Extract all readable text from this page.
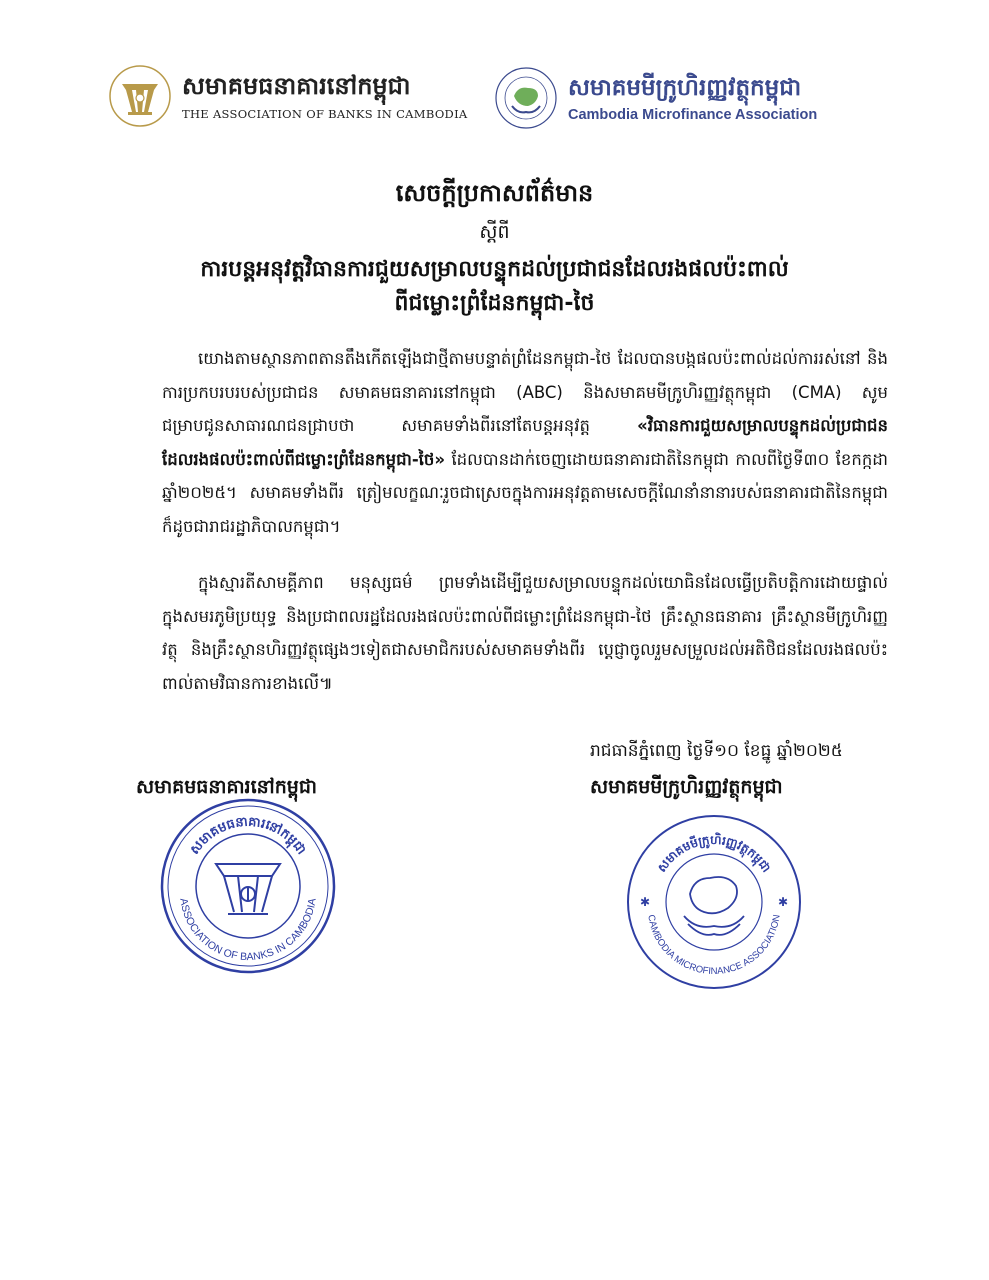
សមាគមធនាគារនៅកម្ពុជា
THE ASSOCIATION OF BANKS IN CAMBODIA
សមាគមមីក្រូហិរញ្ញវត្ថុកម្ពុជា
Cambodia Microfinance Association
សេចក្តីប្រកាសព័ត៌មាន
ស្តីពី
ការបន្តអនុវត្តវិធានការជួយសម្រាលបន្ទុកដល់ប្រជាជនដែលរងផលប៉ះពាល់
ពីជម្លោះព្រំដែនកម្ពុជា-ថៃ
យោងតាមស្ថានភាពតានតឹងកើតឡើងជាថ្មីតាមបន្ទាត់ព្រំដែនកម្ពុជា-ថៃ ដែលបានបង្កផលប៉ះពាល់ដល់ការរស់នៅ និងការប្រកបរបរបស់ប្រជាជន សមាគមធនាគារនៅកម្ពុជា (ABC) និងសមាគមមីក្រូហិរញ្ញវត្ថុកម្ពុជា (CMA) សូមជម្រាបជូនសាធារណជនជ្រាបថា សមាគមទាំងពីរនៅតែបន្តអនុវត្ត «វិធានការជួយសម្រាលបន្ទុកដល់ប្រជាជនដែលរងផលប៉ះពាល់ពីជម្លោះព្រំដែនកម្ពុជា-ថៃ» ដែលបានដាក់ចេញដោយធនាគារជាតិនៃកម្ពុជា កាលពីថ្ងៃទី៣០ ខែកក្កដា ឆ្នាំ២០២៥។ សមាគមទាំងពីរ ត្រៀមលក្ខណៈរួចជាស្រេចក្នុងការអនុវត្តតាមសេចក្តីណែនាំនានារបស់ធនាគារជាតិនៃកម្ពុជា ក៏ដូចជារាជរដ្ឋាភិបាលកម្ពុជា។
ក្នុងស្មារតីសាមគ្គីភាព មនុស្សធម៌ ព្រមទាំងដើម្បីជួយសម្រាលបន្ទុកដល់យោធិនដែលធ្វើប្រតិបត្តិការដោយផ្ទាល់ក្នុងសមរភូមិប្រយុទ្ធ និងប្រជាពលរដ្ឋដែលរងផលប៉ះពាល់ពីជម្លោះព្រំដែនកម្ពុជា-ថៃ គ្រឹះស្ថានធនាគារ គ្រឹះស្ថានមីក្រូហិរញ្ញវត្ថុ និងគ្រឹះស្ថានហិរញ្ញវត្ថុផ្សេងៗទៀតជាសមាជិករបស់សមាគមទាំងពីរ ប្តេជ្ញាចូលរួមសម្រួលដល់អតិថិជនដែលរងផលប៉ះពាល់តាមវិធានការខាងលើ៕
រាជធានីភ្នំពេញ ថ្ងៃទី១០ ខែធ្នូ ឆ្នាំ២០២៥
សមាគមធនាគារនៅកម្ពុជា	សមាគមមីក្រូហិរញ្ញវត្ថុកម្ពុជា
សមាគមធនាគារនៅកម្ពុជា
ASSOCIATION OF BANKS IN CAMBODIA
សមាគមមីក្រូហិរញ្ញវត្ថុកម្ពុជា
CAMBODIA MICROFINANCE ASSOCIATION
✱	✱
